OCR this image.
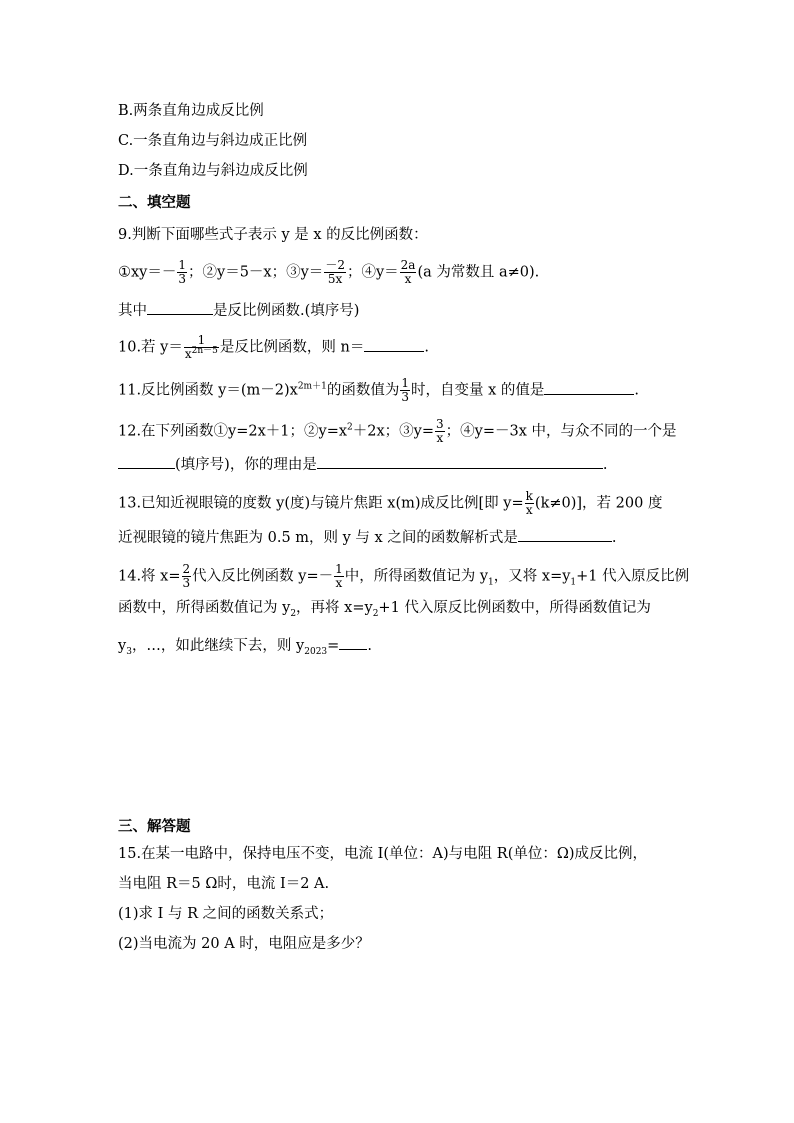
B.两条直角边成反比例
C.一条直角边与斜边成正比例
D.一条直角边与斜边成反比例
二、填空题
9.判断下面哪些式子表示 y 是 x 的反比例函数：
①xy＝－ $\frac{1}{3}$ ；②y＝5－x；③y＝ $\frac{-2}{5x}$ ；④y＝ $\frac{2a}{x} (a$ 为常数且 a≠0).
其中	是反比例函数.(填序号)
10.若 $y= \frac{1}{x^{2n-5}}$ 是反比例函数，则 n＝	.
11.反比例函数 $y=(m-2)x^{2m+1}$的函数值为 $\frac{1}{3}$ 时，自变量 x 的值是	.
12.在下列函数①y=2x＋1；$②y=x^2+2x$；③y= $\frac{3}{x}$ ；④y=－3x 中，与众不同的一个是
(填序号)，你的理由是	.
13.已知近视眼镜的度数 y(度)与镜片焦距 x(m)成反比例[即 $y= \frac{k}{x} (k\ne 0)$]，若 200 度
近视眼镜的镜片焦距为 0.5 m，则 y 与 x 之间的函数解析式是	.
14.将 $x= \frac{2}{3}$ 代入反比例函数 $y=- \frac{1}{x}$ 中，所得函数值记为 $y_1$，又将 $x=y_1+1$ 代入原反比例
函数中，所得函数值记为 $y_2$，再将 $x=y_2+1$ 代入原反比例函数中，所得函数值记为
$y_3$，…，如此继续下去，则 $y_{2023}=$ .
三、解答题
15.在某一电路中，保持电压不变，电流 I(单位：A)与电阻 R(单位：Ω)成反比例，
当电阻 R＝5 Ω时，电流 I＝2 A.
(1)求 I 与 R 之间的函数关系式；
(2)当电流为 20 A 时，电阻应是多少？
